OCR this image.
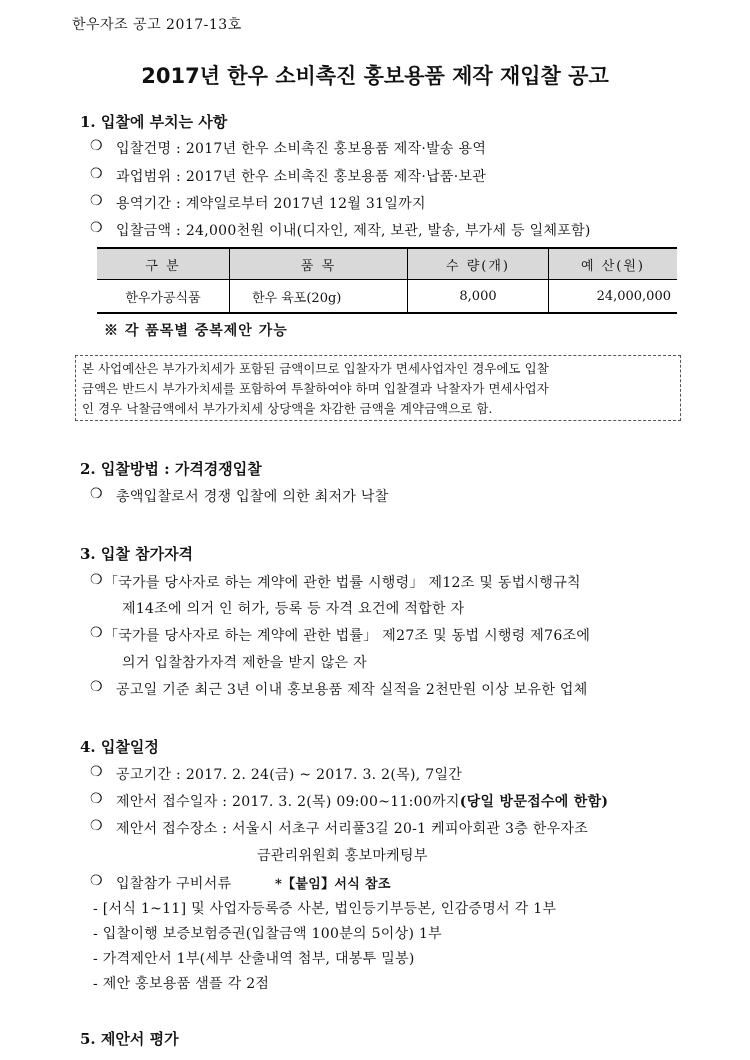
한우자조 공고 2017-13호
2017년 한우 소비촉진 홍보용품 제작 재입찰 공고
1. 입찰에 부치는 사항
❍ 입찰건명 : 2017년 한우 소비촉진 홍보용품 제작·발송 용역
❍ 과업범위 : 2017년 한우 소비촉진 홍보용품 제작·납품·보관
❍ 용역기간 : 계약일로부터 2017년 12월 31일까지
❍ 입찰금액 : 24,000천원 이내(디자인, 제작, 보관, 발송, 부가세 등 일체포함)
구 분	품 목	수 량(개)	예 산(원)
한우가공식품	한우 육포(20g)	8,000	24,000,000
※ 각 품목별 중복제안 가능
본 사업예산은 부가가치세가 포함된 금액이므로 입찰자가 면세사업자인 경우에도 입찰
금액은 반드시 부가가치세를 포함하여 투찰하여야 하며 입찰결과 낙찰자가 면세사업자
인 경우 낙찰금액에서 부가가치세 상당액을 차감한 금액을 계약금액으로 함.
2. 입찰방법 : 가격경쟁입찰
❍ 총액입찰로서 경쟁 입찰에 의한 최저가 낙찰
3. 입찰 참가자격
❍ 「국가를 당사자로 하는 계약에 관한 법률 시행령」 제12조 및 동법시행규칙
제14조에 의거 인 허가, 등록 등 자격 요건에 적합한 자
❍ 「국가를 당사자로 하는 계약에 관한 법률」 제27조 및 동법 시행령 제76조에
의거 입찰참가자격 제한을 받지 않은 자
❍ 공고일 기준 최근 3년 이내 홍보용품 제작 실적을 2천만원 이상 보유한 업체
4. 입찰일정
❍ 공고기간 : 2017. 2. 24(금) ~ 2017. 3. 2(목), 7일간
❍ 제안서 접수일자 : 2017. 3. 2(목) 09:00~11:00까지(당일 방문접수에 한함)
❍ 제안서 접수장소 : 서울시 서초구 서리풀3길 20-1 케피아회관 3층 한우자조
금관리위원회 홍보마케팅부
❍ 입찰참가 구비서류	*【붙임】서식 참조
- [서식 1~11] 및 사업자등록증 사본, 법인등기부등본, 인감증명서 각 1부
- 입찰이행 보증보험증권(입찰금액 100분의 5이상) 1부
- 가격제안서 1부(세부 산출내역 첨부, 대봉투 밀봉)
- 제안 홍보용품 샘플 각 2점
5. 제안서 평가
